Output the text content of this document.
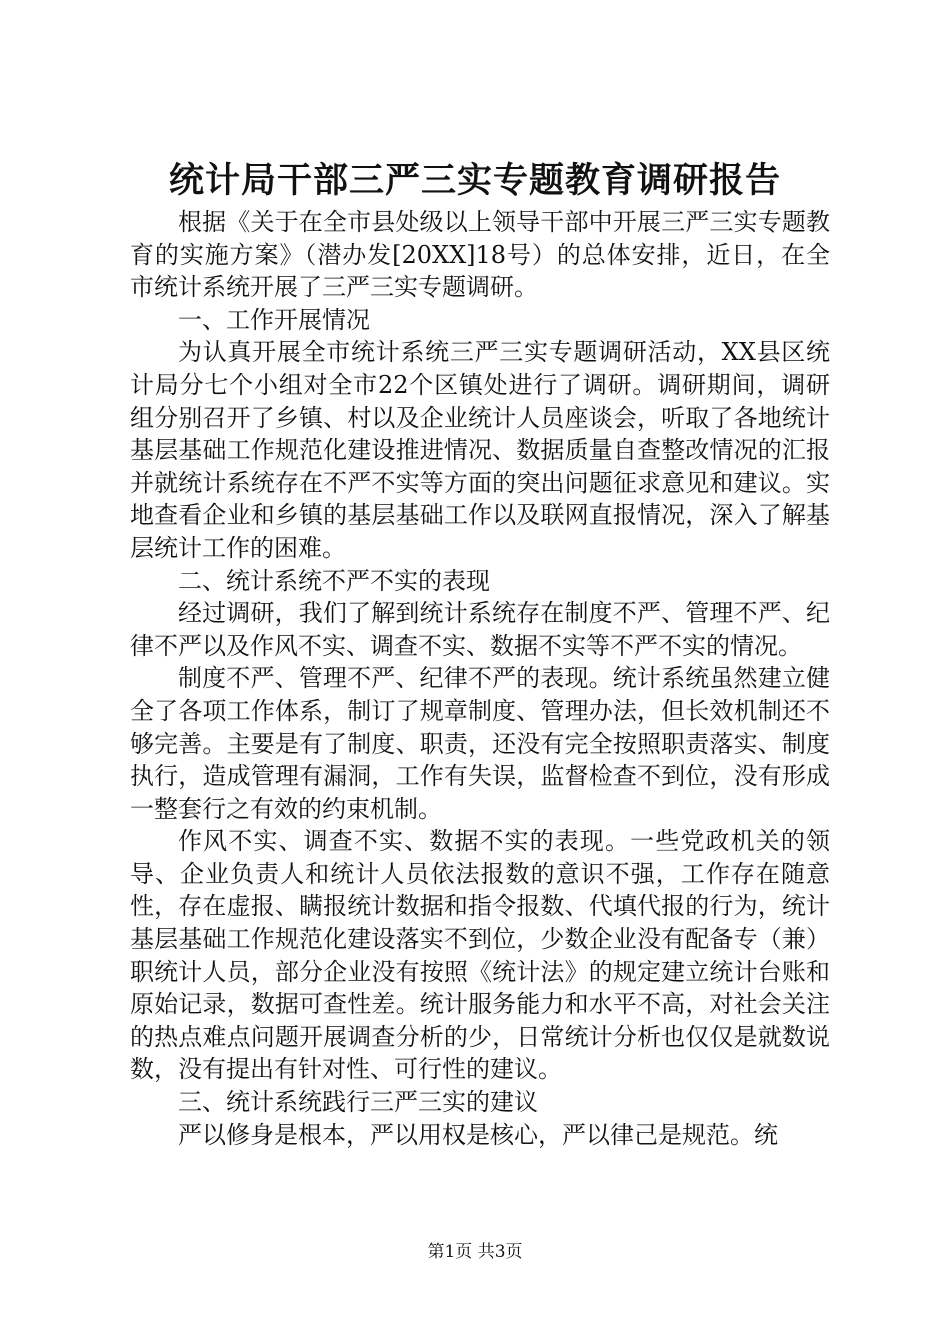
统计局干部三严三实专题教育调研报告

根据《关于在全市县处级以上领导干部中开展三严三实专题教育的实施方案》（潜办发[20XX]18号）的总体安排，近日，在全市统计系统开展了三严三实专题调研。

一、工作开展情况

为认真开展全市统计系统三严三实专题调研活动，XX县区统计局分七个小组对全市22个区镇处进行了调研。调研期间，调研组分别召开了乡镇、村以及企业统计人员座谈会，听取了各地统计基层基础工作规范化建设推进情况、数据质量自查整改情况的汇报并就统计系统存在不严不实等方面的突出问题征求意见和建议。实地查看企业和乡镇的基层基础工作以及联网直报情况，深入了解基层统计工作的困难。

二、统计系统不严不实的表现

经过调研，我们了解到统计系统存在制度不严、管理不严、纪律不严以及作风不实、调查不实、数据不实等不严不实的情况。

制度不严、管理不严、纪律不严的表现。统计系统虽然建立健全了各项工作体系，制订了规章制度、管理办法，但长效机制还不够完善。主要是有了制度、职责，还没有完全按照职责落实、制度执行，造成管理有漏洞，工作有失误，监督检查不到位，没有形成一整套行之有效的约束机制。

作风不实、调查不实、数据不实的表现。一些党政机关的领导、企业负责人和统计人员依法报数的意识不强，工作存在随意性，存在虚报、瞒报统计数据和指令报数、代填代报的行为，统计基层基础工作规范化建设落实不到位，少数企业没有配备专（兼）职统计人员，部分企业没有按照《统计法》的规定建立统计台账和原始记录，数据可查性差。统计服务能力和水平不高，对社会关注的热点难点问题开展调查分析的少，日常统计分析也仅仅是就数说数，没有提出有针对性、可行性的建议。

三、统计系统践行三严三实的建议

严以修身是根本，严以用权是核心，严以律己是规范。统

第1页 共3页
